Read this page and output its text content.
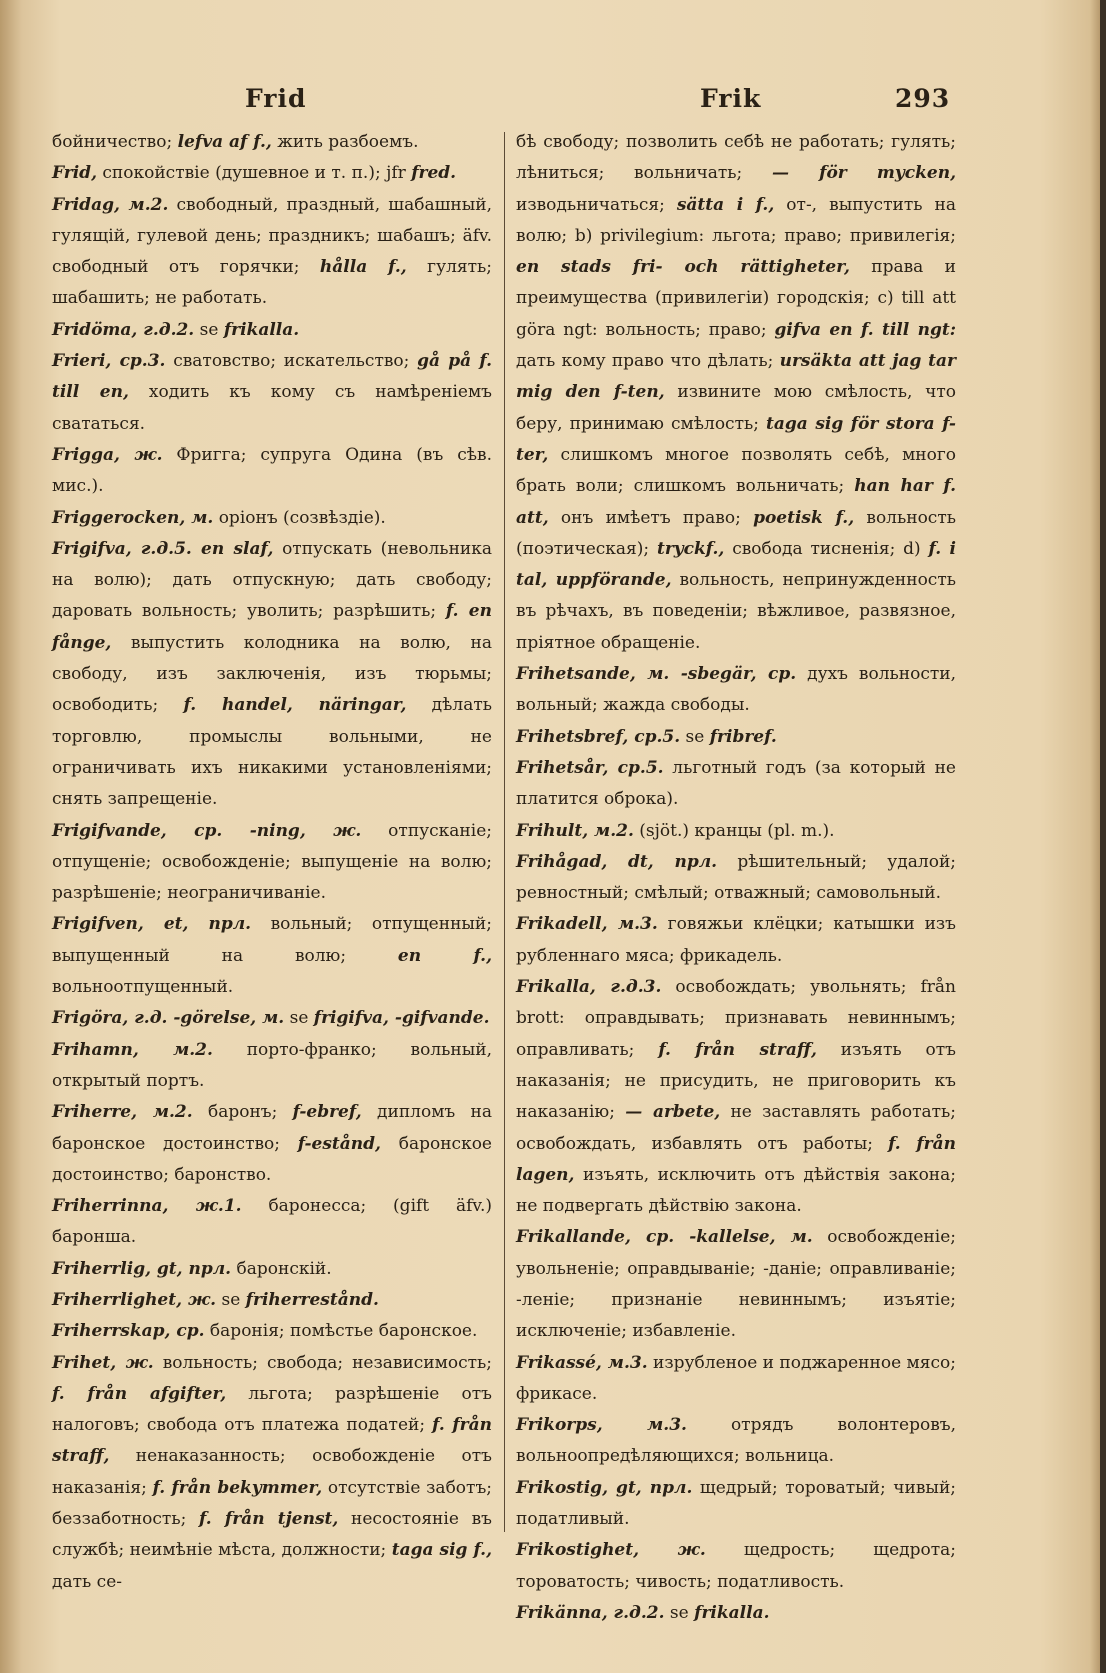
Frid	Frik	293

бойничество; lefva af f., жить разбоемъ.

Frid, спокойствіе (душевное и т. п.); jfr fred.

Fridag, м.2. свободный, праздный, шабашный, гулящій, гулевой день; праздникъ; шабашъ; äfv. свободный отъ горячки; hålla f., гулять; шабашить; не работать.

Fridöma, г.д.2. se frikalla.

Frieri, ср.3. сватовство; искательство; gå på f. till en, ходить къ кому съ намѣреніемъ свататься.

Frigga, ж. Фригга; супруга Одина (въ сѣв. мис.).

Friggerocken, м. оріонъ (созвѣздіе).

Frigifva, г.д.5. en slaf, отпускать (невольника на волю); дать отпускную; дать свободу; даровать вольность; уволить; разрѣшить; f. en fånge, выпустить колодника на волю, на свободу, изъ заключенія, изъ тюрьмы; освободить; f. handel, näringar, дѣлать торговлю, промыслы вольными, не ограничивать ихъ никакими установленіями; снять запрещеніе.

Frigifvande, ср. -ning, ж. отпусканіе; отпущеніе; освобожденіе; выпущеніе на волю; разрѣшеніе; неограничиваніе.

Frigifven, et, прл. вольный; отпущенный; выпущенный на волю; en f., вольноотпущенный.

Frigöra, г.д. -görelse, м. se frigifva, -gifvande.

Frihamn, м.2. порто-франко; вольный, открытый портъ.

Friherre, м.2. баронъ; f-ebref, дипломъ на баронское достоинство; f-estånd, баронское достоинство; баронство.

Friherrinna, ж.1. баронесса; (gift äfv.) баронша.

Friherrlig, gt, прл. баронскій.

Friherrlighet, ж. se friherrestånd.

Friherrskap, ср. баронія; помѣстье баронское.

Frihet, ж. вольность; свобода; независимость; f. från afgifter, льгота; разрѣшеніе отъ налоговъ; свобода отъ платежа податей; f. från straff, ненаказанность; освобожденіе отъ наказанія; f. från bekymmer, отсутствіе заботъ; беззаботность; f. från tjenst, несостояніе въ службѣ; неимѣніе мѣста, должности; taga sig f., дать се-

бѣ свободу; позволить себѣ не работать; гулять; лѣниться; вольничать; — för mycken, изводьничаться; sätta i f., от-, выпустить на волю; b) privilegium: льгота; право; привилегія; en stads fri- och rättigheter, права и преимущества (привилегіи) городскія; c) till att göra ngt: вольность; право; gifva en f. till ngt: дать кому право что дѣлать; ursäkta att jag tar mig den f-ten, извините мою смѣлость, что беру, принимаю смѣлость; taga sig för stora f-ter, слишкомъ многое позволять себѣ, много брать воли; слишкомъ вольничать; han har f. att, онъ имѣетъ право; poetisk f., вольность (поэтическая); tryckf., свобода тисненія; d) f. i tal, uppförande, вольность, непринужденность въ рѣчахъ, въ поведеніи; вѣжливое, развязное, пріятное обращеніе.

Frihetsande, м. -sbegär, ср. духъ вольности, вольный; жажда свободы.

Frihetsbref, ср.5. se fribref.

Frihetsår, ср.5. льготный годъ (за который не платится оброка).

Frihult, м.2. (sjöt.) кранцы (pl. m.).

Frihågad, dt, прл. рѣшительный; удалой; ревностный; смѣлый; отважный; самовольный.

Frikadell, м.3. говяжьи клёцки; катышки изъ рубленнаго мяса; фрикадель.

Frikalla, г.д.3. освобождать; увольнять; från brott: оправдывать; признавать невиннымъ; оправливать; f. från straff, изъять отъ наказанія; не присудить, не приговорить къ наказанію; — arbete, не заставлять работать; освобождать, избавлять отъ работы; f. från lagen, изъять, исключить отъ дѣйствія закона; не подвергать дѣйствію закона.

Frikallande, ср. -kallelse, м. освобожденіе; увольненіе; оправдываніе; -даніе; оправливаніе; -леніе; признаніе невиннымъ; изъятіе; исключеніе; избавленіе.

Frikassé, м.3. изрубленое и поджаренное мясо; фрикасе.

Frikorps, м.3. отрядъ волонтеровъ, вольноопредѣляющихся; вольница.

Frikostig, gt, прл. щедрый; тороватый; чивый; податливый.

Frikostighet, ж. щедрость; щедрота; тороватость; чивость; податливость.

Frikänna, г.д.2. se frikalla.
